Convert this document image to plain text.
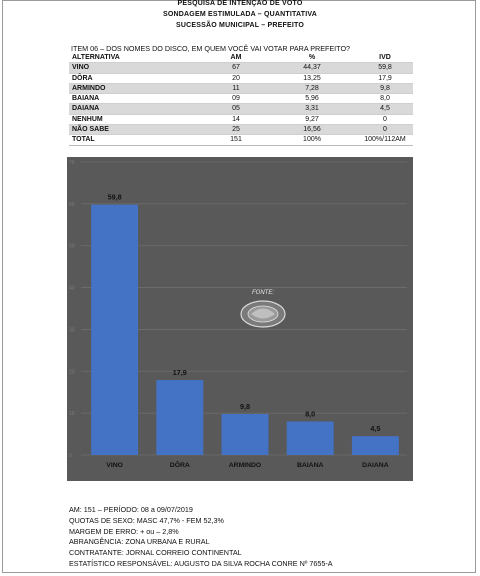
PESQUISA DE INTENÇÃO DE VOTO
SONDAGEM ESTIMULADA – QUANTITATIVA
SUCESSÃO MUNICIPAL – PREFEITO
ITEM 06 – DOS NOMES DO DISCO, EM QUEM VOCÊ VAI VOTAR PARA PREFEITO?
ALTERNATIVA	AM	%	IVD
VINO	67	44,37	59,8
DÔRA	20	13,25	17,9
ARMINDO	11	7,28	9,8
BAIANA	09	5,96	8,0
DAIANA	05	3,31	4,5
NENHUM	14	9,27	0
NÃO SABE	25	16,56	0
TOTAL	151	100%	100%/112AM
0
10
20
30
40
50
60
70
FONTE:
59,8
VINO
17,9
DÔRA
9,8
ARMINDO
8,0
BAIANA
4,5
DAIANA
AM: 151 – PERÍODO: 08 a 09/07/2019
QUOTAS DE SEXO: MASC 47,7% - FEM 52,3%
MARGEM DE ERRO: + ou – 2,8%
ABRANGÊNCIA: ZONA URBANA E RURAL
CONTRATANTE: JORNAL CORREIO CONTINENTAL
ESTATÍSTICO RESPONSÁVEL: AUGUSTO DA SILVA ROCHA CONRE Nº 7655-A
